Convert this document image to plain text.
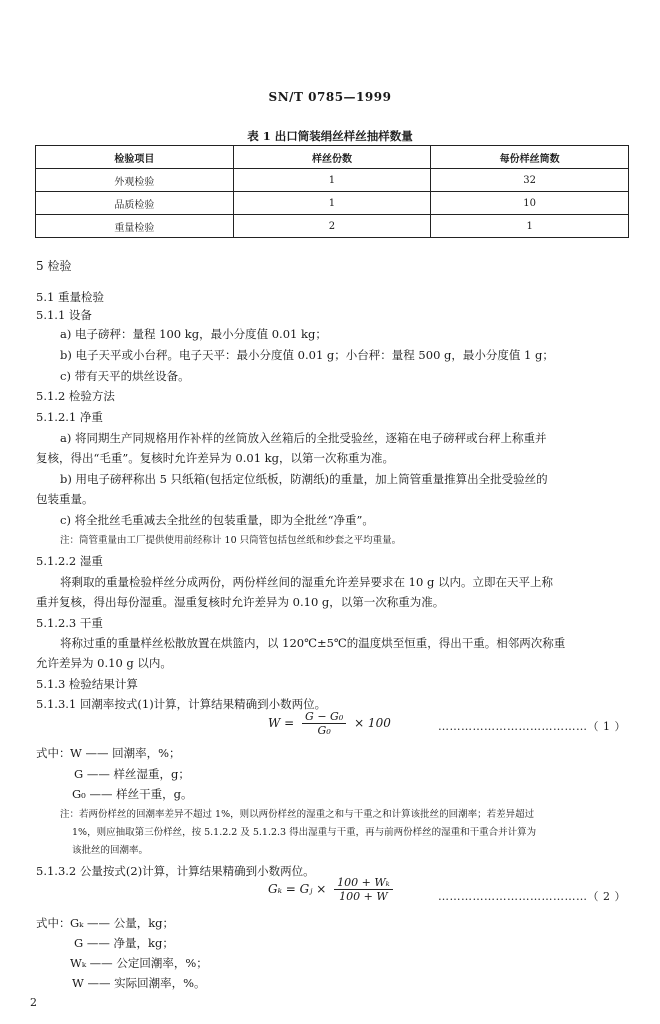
SN/T 0785—1999
表 1 出口筒装绢丝样丝抽样数量
检验项目	样丝份数	每份样丝筒数
外观检验	1	32
品质检验	1	10
重量检验	2	1
5 检验
5.1 重量检验
5.1.1 设备
a) 电子磅秤：量程 100 kg，最小分度值 0.01 kg；
b) 电子天平或小台秤。电子天平：最小分度值 0.01 g；小台秤：量程 500 g，最小分度值 1 g；
c) 带有天平的烘丝设备。
5.1.2 检验方法
5.1.2.1 净重
a) 将同期生产同规格用作补样的丝筒放入丝箱后的全批受验丝，逐箱在电子磅秤或台秤上称重并
复核，得出“毛重”。复核时允许差异为 0.01 kg，以第一次称重为准。
b) 用电子磅秤称出 5 只纸箱(包括定位纸板，防潮纸)的重量，加上筒管重量推算出全批受验丝的
包装重量。
c) 将全批丝毛重减去全批丝的包装重量，即为全批丝“净重”。
注：筒管重量由工厂提供使用前经称计 10 只筒管包括包丝纸和纱套之平均重量。
5.1.2.2 湿重
将剩取的重量检验样丝分成两份，两份样丝间的湿重允许差异要求在 10 g 以内。立即在天平上称
重并复核，得出每份湿重。湿重复核时允许差异为 0.10 g，以第一次称重为准。
5.1.2.3 干重
将称过重的重量样丝松散放置在烘篮内，以 120℃±5℃的温度烘至恒重，得出干重。相邻两次称重
允许差异为 0.10 g 以内。
5.1.3 检验结果计算
5.1.3.1 回潮率按式(1)计算，计算结果精确到小数两位。
$W = \frac{\text{G − G₀}}{\text{G₀}} \times 100$	…………………………………（ 1 ）
式中： W —— 回潮率，%；
G —— 样丝湿重，g；
G₀ —— 样丝干重，g。
注：若两份样丝的回潮率差异不超过 1%，则以两份样丝的湿重之和与干重之和计算该批丝的回潮率；若差异超过
1%，则应抽取第三份样丝，按 5.1.2.2 及 5.1.2.3 得出湿重与干重，再与前两份样丝的湿重和干重合并计算为
该批丝的回潮率。
5.1.3.2 公量按式(2)计算，计算结果精确到小数两位。
Gₖ = Gⱼ × $\frac{\text{100 + Wₖ}}{100 + W}$	…………………………………（ 2 ）
式中： Gₖ —— 公量，kg；
G —— 净量，kg；
Wₖ —— 公定回潮率，%；
W —— 实际回潮率，%。
2
